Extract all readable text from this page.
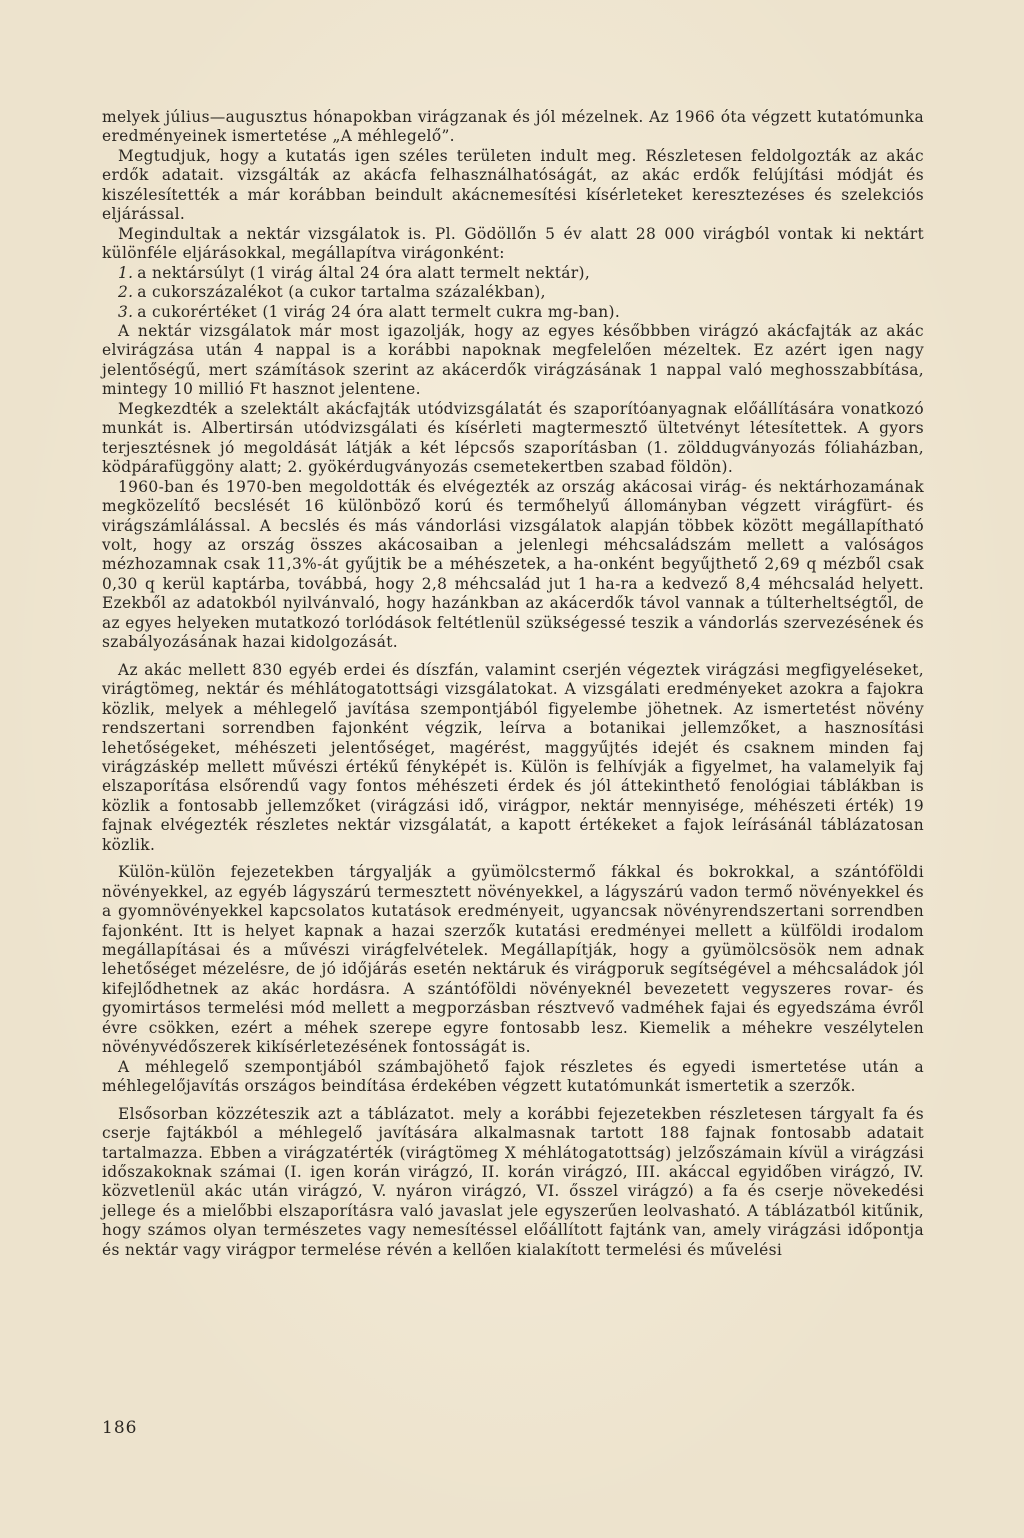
melyek július—augusztus hónapokban virágzanak és jól mézelnek. Az 1966 óta végzett kutatómunka eredményeinek ismertetése „A méhlegelő”.

Megtudjuk, hogy a kutatás igen széles területen indult meg. Részletesen feldolgozták az akác erdők adatait. vizsgálták az akácfa felhasználhatóságát, az akác erdők felújítási módját és kiszélesítették a már korábban beindult akácnemesítési kísérleteket keresztezéses és szelekciós eljárással.

Megindultak a nektár vizsgálatok is. Pl. Gödöllőn 5 év alatt 28 000 virágból vontak ki nektárt különféle eljárásokkal, megállapítva virágonként:

1. a nektársúlyt (1 virág által 24 óra alatt termelt nektár),
2. a cukorszázalékot (a cukor tartalma százalékban),
3. a cukorértéket (1 virág 24 óra alatt termelt cukra mg-ban).

A nektár vizsgálatok már most igazolják, hogy az egyes későbbben virágzó akácfajták az akác elvirágzása után 4 nappal is a korábbi napoknak megfelelően mézeltek. Ez azért igen nagy jelentőségű, mert számítások szerint az akácerdők virágzásának 1 nappal való meghosszabbítása, mintegy 10 millió Ft hasznot jelentene.

Megkezdték a szelektált akácfajták utódvizsgálatát és szaporítóanyagnak előállítására vonatkozó munkát is. Albertirsán utódvizsgálati és kísérleti magtermesztő ültetvényt létesítettek. A gyors terjesztésnek jó megoldását látják a két lépcsős szaporításban (1. zölddugványozás fóliaházban, ködpárafüggöny alatt; 2. gyökérdugványozás csemetekertben szabad földön).

1960-ban és 1970-ben megoldották és elvégezték az ország akácosai virág- és nektárhozamának megközelítő becslését 16 különböző korú és termőhelyű állományban végzett virágfürt- és virágszámlálással. A becslés és más vándorlási vizsgálatok alapján többek között megállapítható volt, hogy az ország összes akácosaiban a jelenlegi méhcsaládszám mellett a valóságos mézhozamnak csak 11,3%-át gyűjtik be a méhészetek, a ha-onként begyűjthető 2,69 q mézből csak 0,30 q kerül kaptárba, továbbá, hogy 2,8 méhcsalád jut 1 ha-ra a kedvező 8,4 méhcsalád helyett. Ezekből az adatokból nyilvánvaló, hogy hazánkban az akácerdők távol vannak a túlterheltségtől, de az egyes helyeken mutatkozó torlódások feltétlenül szükségessé teszik a vándorlás szervezésének és szabályozásának hazai kidolgozását.

Az akác mellett 830 egyéb erdei és díszfán, valamint cserjén végeztek virágzási megfigyeléseket, virágtömeg, nektár és méhlátogatottsági vizsgálatokat. A vizsgálati eredményeket azokra a fajokra közlik, melyek a méhlegelő javítása szempontjából figyelembe jöhetnek. Az ismertetést növény rendszertani sorrendben fajonként végzik, leírva a botanikai jellemzőket, a hasznosítási lehetőségeket, méhészeti jelentőséget, magérést, maggyűjtés idejét és csaknem minden faj virágzáskép mellett művészi értékű fényképét is. Külön is felhívják a figyelmet, ha valamelyik faj elszaporítása elsőrendű vagy fontos méhészeti érdek és jól áttekinthető fenológiai táblákban is közlik a fontosabb jellemzőket (virágzási idő, virágpor, nektár mennyisége, méhészeti érték) 19 fajnak elvégezték részletes nektár vizsgálatát, a kapott értékeket a fajok leírásánál táblázatosan közlik.

Külön-külön fejezetekben tárgyalják a gyümölcstermő fákkal és bokrokkal, a szántóföldi növényekkel, az egyéb lágyszárú termesztett növényekkel, a lágyszárú vadon termő növényekkel és a gyomnövényekkel kapcsolatos kutatások eredményeit, ugyancsak növényrendszertani sorrendben fajonként. Itt is helyet kapnak a hazai szerzők kutatási eredményei mellett a külföldi irodalom megállapításai és a művészi virágfelvételek. Megállapítják, hogy a gyümölcsösök nem adnak lehetőséget mézelésre, de jó időjárás esetén nektáruk és virágporuk segítségével a méhcsaládok jól kifejlődhetnek az akác hordásra. A szántóföldi növényeknél bevezetett vegyszeres rovar- és gyomirtásos termelési mód mellett a megporzásban résztvevő vadméhek fajai és egyedszáma évről évre csökken, ezért a méhek szerepe egyre fontosabb lesz. Kiemelik a méhekre veszélytelen növényvédőszerek kikísérletezésének fontosságát is.

A méhlegelő szempontjából számbajöhető fajok részletes és egyedi ismertetése után a méhlegelőjavítás országos beindítása érdekében végzett kutatómunkát ismertetik a szerzők.

Elsősorban közzéteszik azt a táblázatot. mely a korábbi fejezetekben részletesen tárgyalt fa és cserje fajtákból a méhlegelő javítására alkalmasnak tartott 188 fajnak fontosabb adatait tartalmazza. Ebben a virágzatérték (virágtömeg X méhlátogatottság) jelzőszámain kívül a virágzási időszakoknak számai (I. igen korán virágzó, II. korán virágzó, III. akáccal egyidőben virágzó, IV. közvetlenül akác után virágzó, V. nyáron virágzó, VI. ősszel virágzó) a fa és cserje növekedési jellege és a mielőbbi elszaporításra való javaslat jele egyszerűen leolvasható. A táblázatból kitűnik, hogy számos olyan természetes vagy nemesítéssel előállított fajtánk van, amely virágzási időpontja és nektár vagy virágpor termelése révén a kellően kialakított termelési és művelési

186
